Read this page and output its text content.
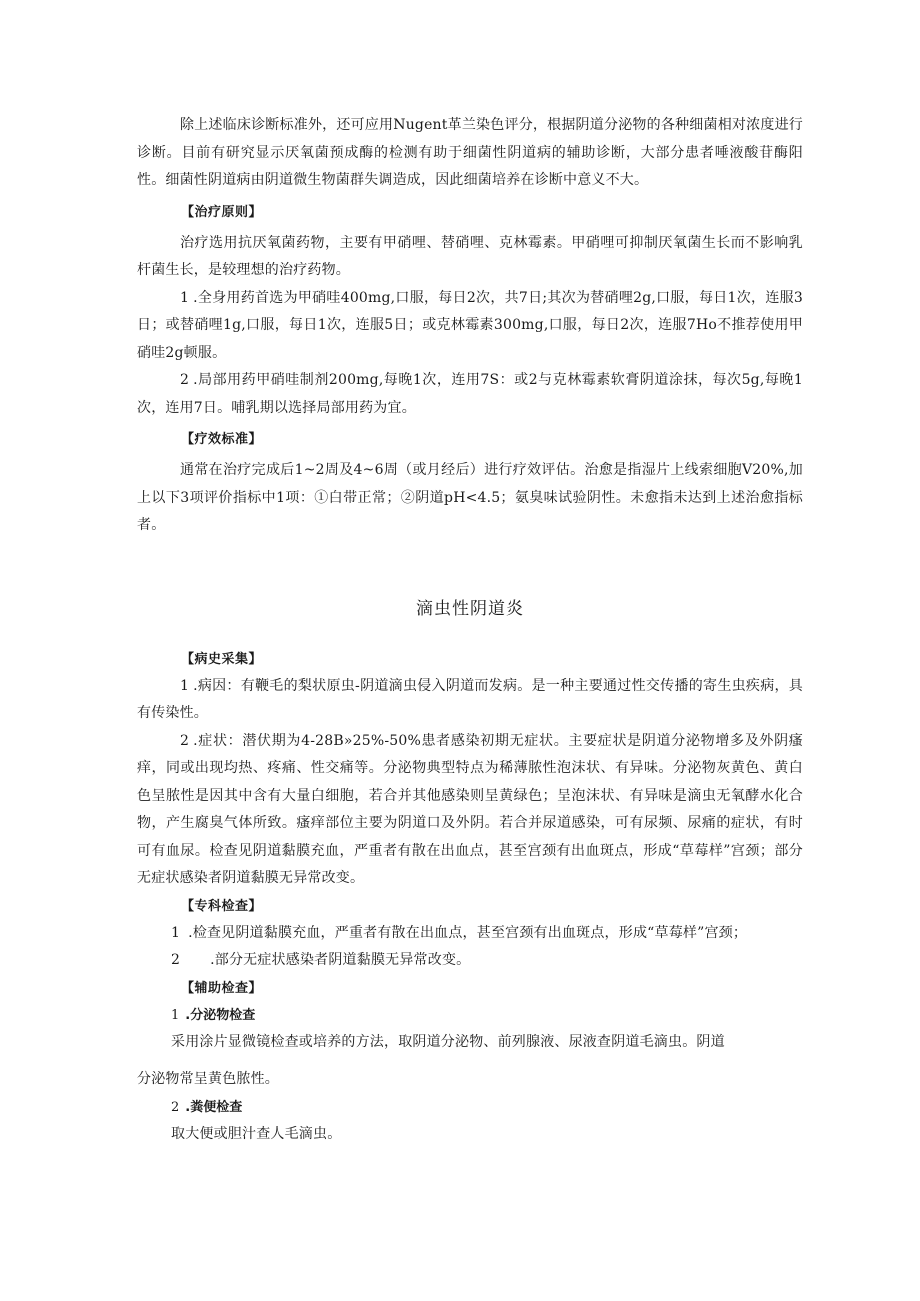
除上述临床诊断标准外，还可应用Nugent革兰染色评分，根据阴道分泌物的各种细菌相对浓度进行诊断。目前有研究显示厌氧菌预成酶的检测有助于细菌性阴道病的辅助诊断，大部分患者唾液酸苷酶阳性。细菌性阴道病由阴道微生物菌群失调造成，因此细菌培养在诊断中意义不大。

【治疗原则】

治疗选用抗厌氧菌药物，主要有甲硝哩、替硝哩、克林霉素。甲硝哩可抑制厌氧菌生长而不影响乳杆菌生长，是较理想的治疗药物。

1 .全身用药首选为甲硝哇400mg,口服，每日2次，共7日;其次为替硝哩2g,口服，每日1次，连服3日；或替硝哩1g,口服，每日1次，连服5日；或克林霉素300mg,口服，每日2次，连服7Ho不推荐使用甲硝哇2g顿服。

2 .局部用药甲硝哇制剂200mg,每晚1次，连用7S：或2与克林霉素软膏阴道涂抹，每次5g,每晚1次，连用7日。哺乳期以选择局部用药为宜。

【疗效标准】

通常在治疗完成后1~2周及4~6周（或月经后）进行疗效评估。治愈是指湿片上线索细胞V20%,加上以下3项评价指标中1项：①白带正常；②阴道pH<4.5；氨臭味试验阴性。未愈指未达到上述治愈指标者。

滴虫性阴道炎

【病史采集】

1 .病因：有鞭毛的梨状原虫-阴道滴虫侵入阴道而发病。是一种主要通过性交传播的寄生虫疾病，具有传染性。

2 .症状：潜伏期为4-28B»25%-50%患者感染初期无症状。主要症状是阴道分泌物增多及外阴瘙痒，同或出现均热、疼痛、性交痛等。分泌物典型特点为稀薄脓性泡沫状、有异味。分泌物灰黄色、黄白色呈脓性是因其中含有大量白细胞，若合并其他感染则呈黄绿色；呈泡沫状、有异味是滴虫无氧酵水化合物，产生腐臭气体所致。瘙痒部位主要为阴道口及外阴。若合并尿道感染，可有尿频、尿痛的症状，有时可有血尿。检查见阴道黏膜充血，严重者有散在出血点，甚至宫颈有出血斑点，形成“草莓样”宫颈；部分无症状感染者阴道黏膜无异常改变。

【专科检查】

1 .检查见阴道黏膜充血，严重者有散在出血点，甚至宫颈有出血斑点，形成“草莓样”宫颈；

2 .部分无症状感染者阴道黏膜无异常改变。

【辅助检查】

1 .分泌物检查

采用涂片显微镜检查或培养的方法，取阴道分泌物、前列腺液、尿液查阴道毛滴虫。阴道

分泌物常呈黄色脓性。

2 .粪便检查

取大便或胆汁查人毛滴虫。
